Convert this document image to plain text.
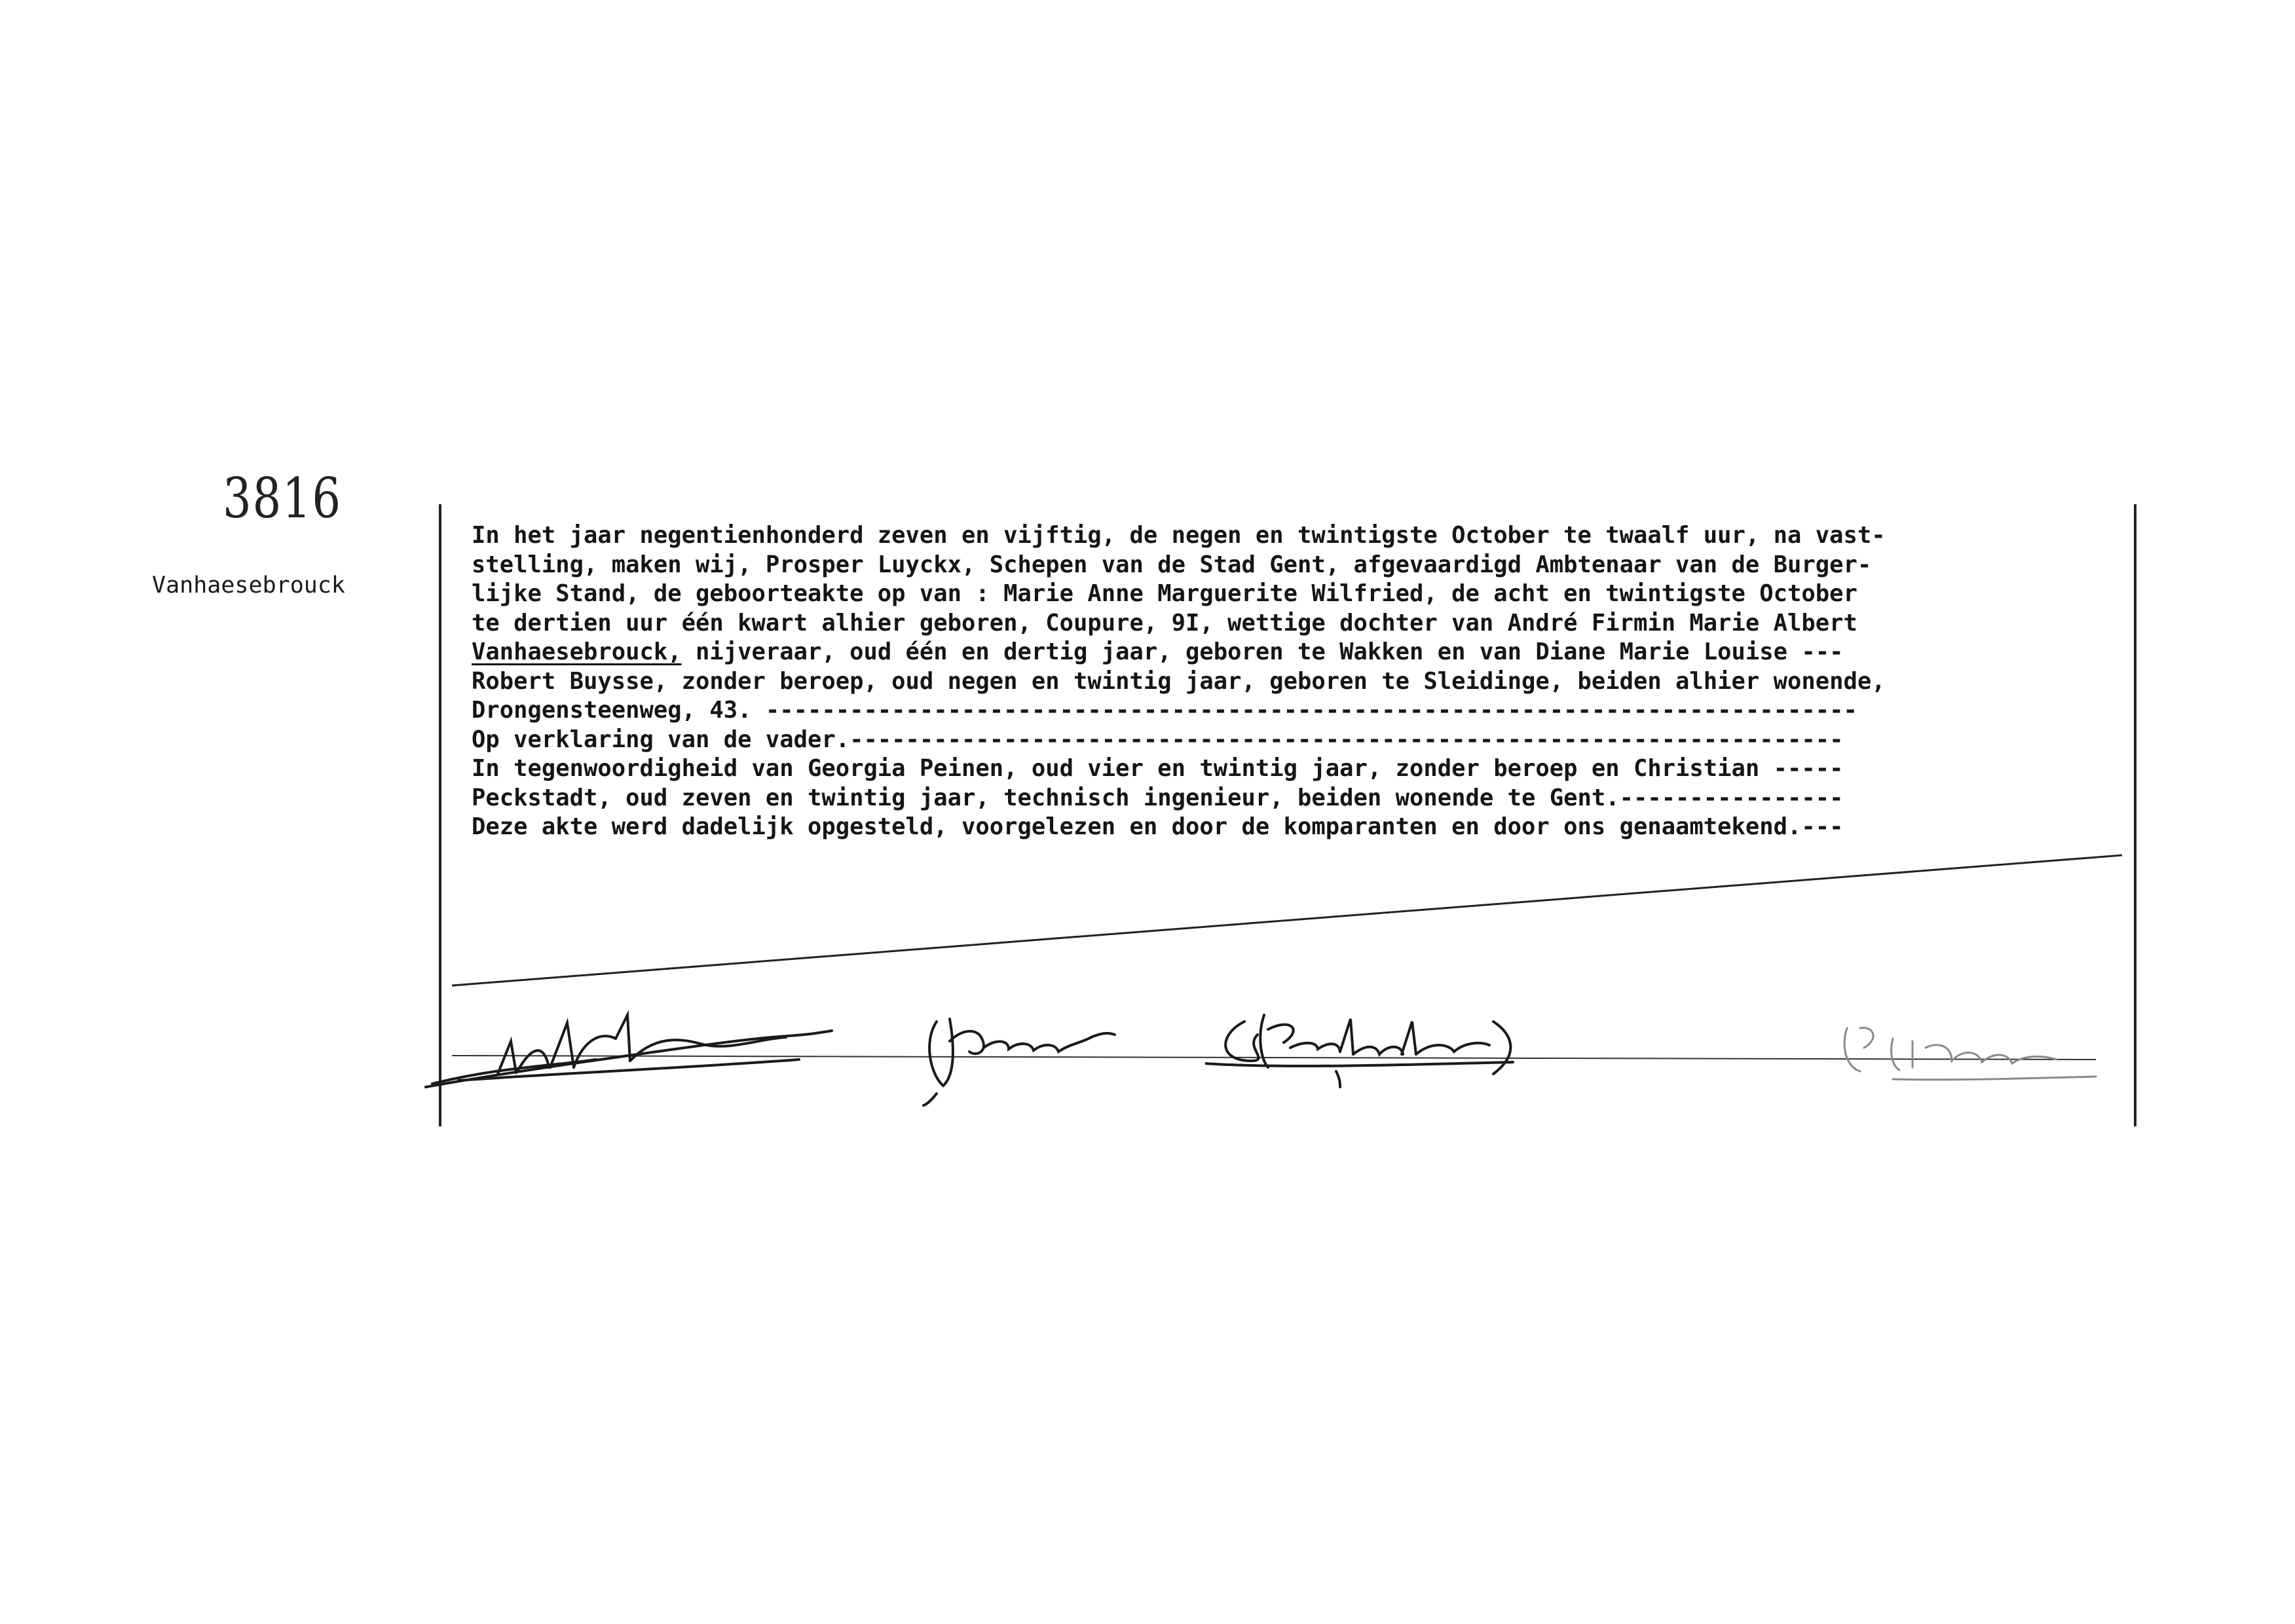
3816
Vanhaesebrouck
In het jaar negentienhonderd zeven en vijftig, de negen en twintigste October te twaalf uur, na vast-
stelling, maken wij, Prosper Luyckx, Schepen van de Stad Gent, afgevaardigd Ambtenaar van de Burger-
lijke Stand, de geboorteakte op van : Marie Anne Marguerite Wilfried, de acht en twintigste October
te dertien uur één kwart alhier geboren, Coupure, 9I, wettige dochter van André Firmin Marie Albert
Vanhaesebrouck, nijveraar, oud één en dertig jaar, geboren te Wakken en van Diane Marie Louise ---
Robert Buysse, zonder beroep, oud negen en twintig jaar, geboren te Sleidinge, beiden alhier wonende,
Drongensteenweg, 43. ------------------------------------------------------------------------------
Op verklaring van de vader.-----------------------------------------------------------------------
In tegenwoordigheid van Georgia Peinen, oud vier en twintig jaar, zonder beroep en Christian -----
Peckstadt, oud zeven en twintig jaar, technisch ingenieur, beiden wonende te Gent.----------------
Deze akte werd dadelijk opgesteld, voorgelezen en door de komparanten en door ons genaamtekend.---
